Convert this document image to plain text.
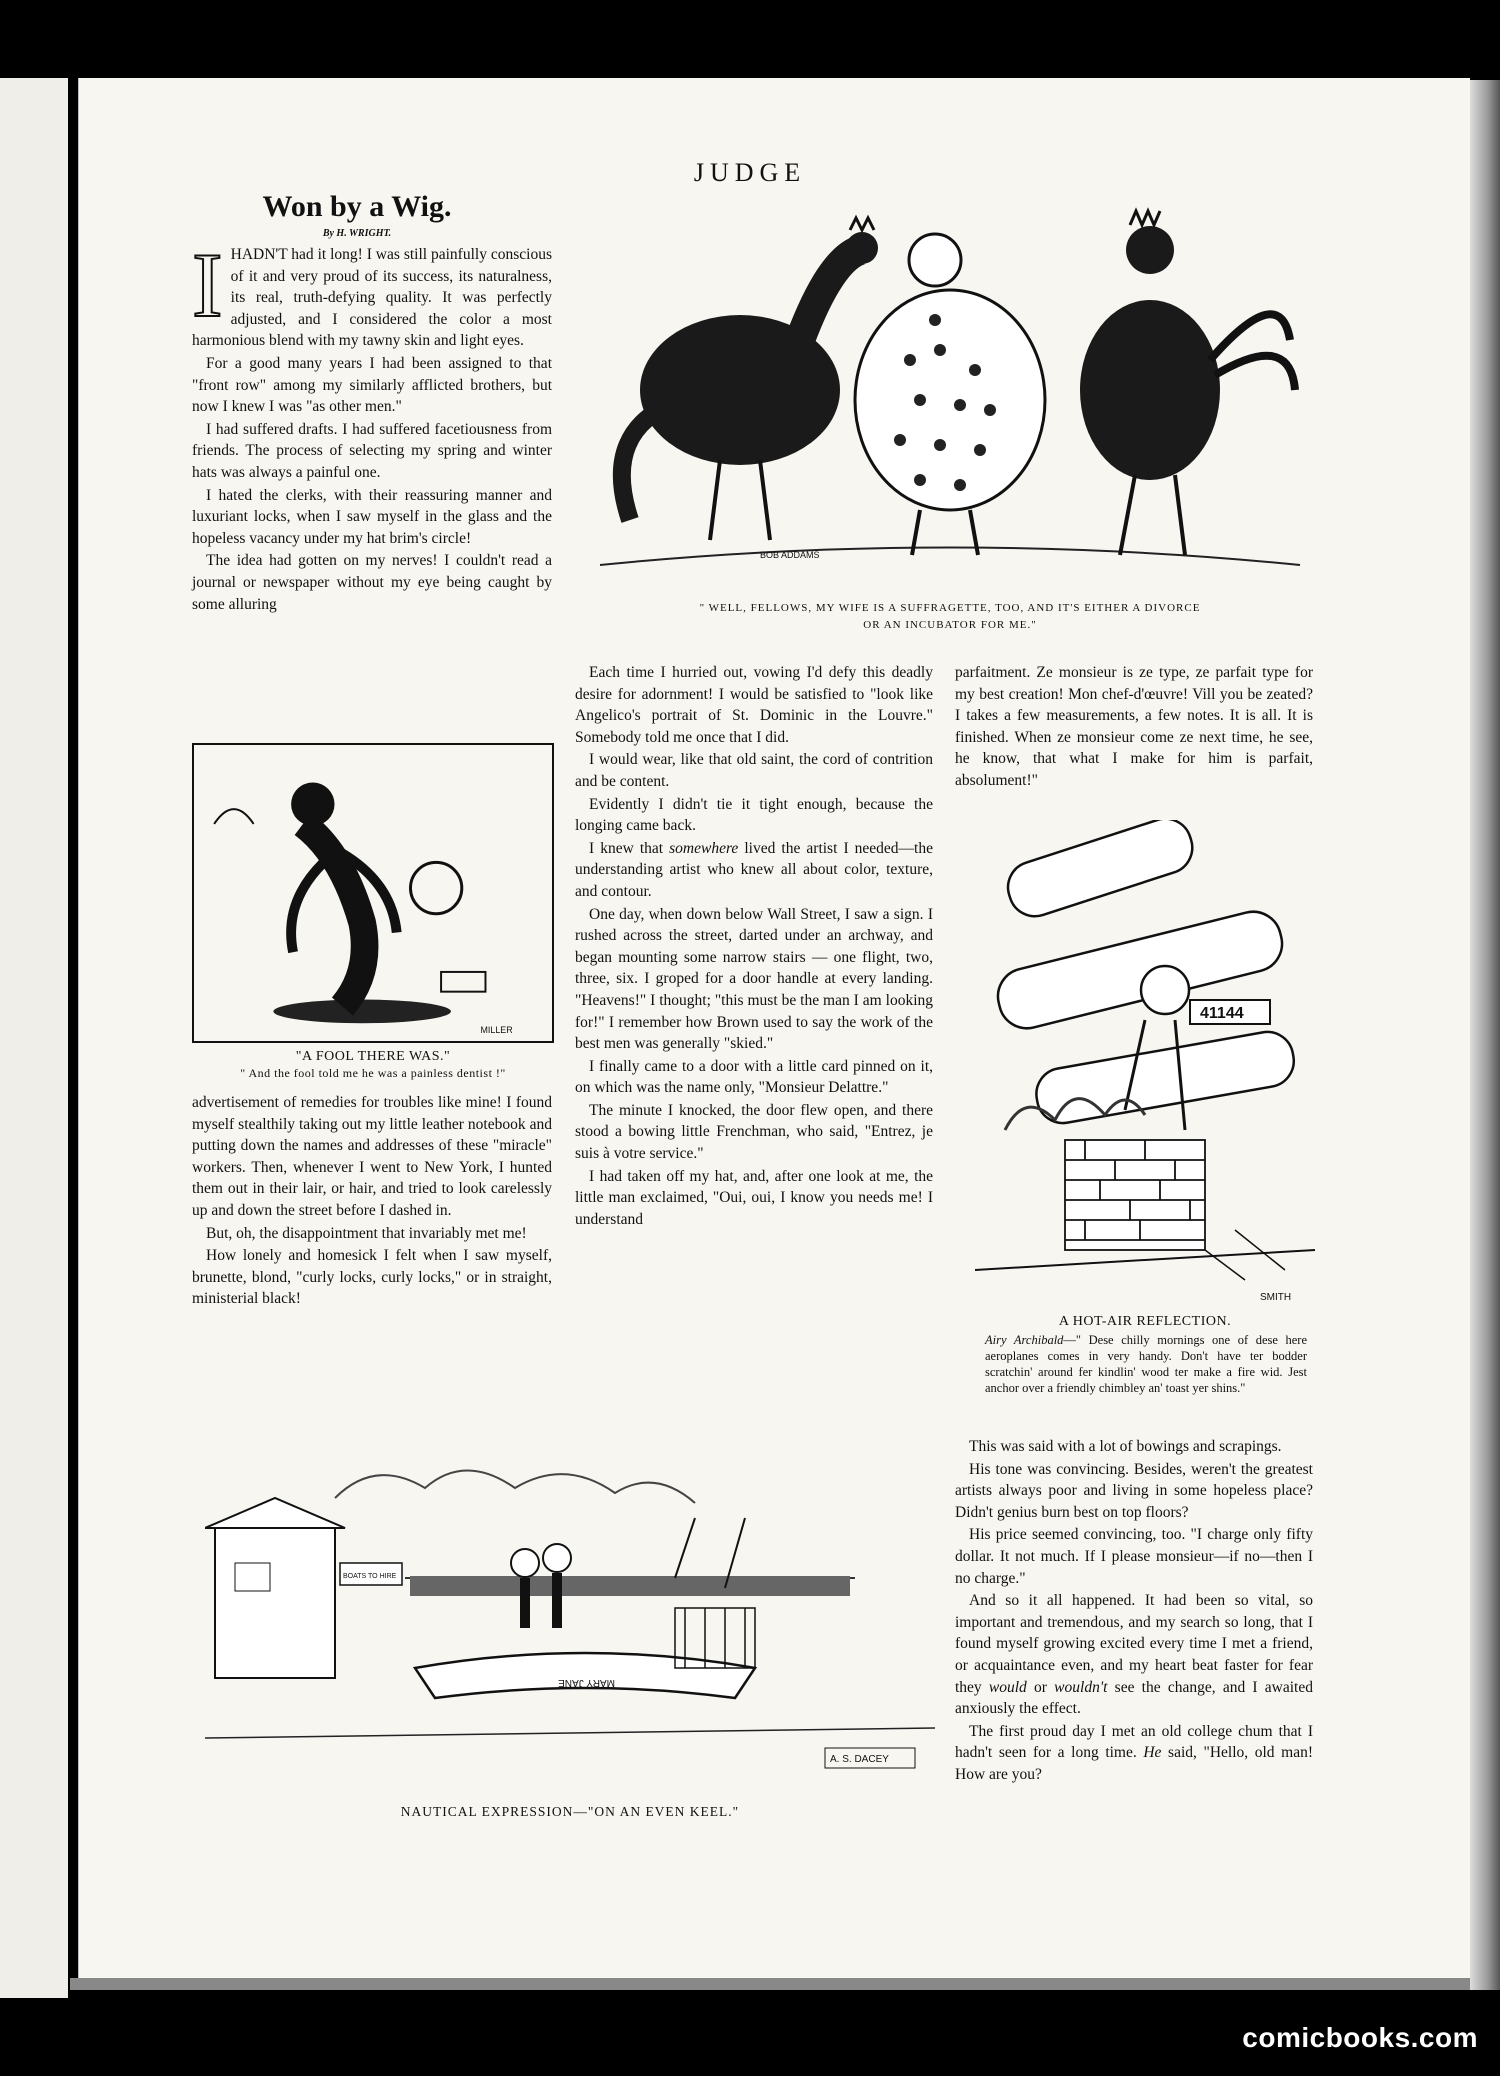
JUDGE
Won by a Wig.
By H. WRIGHT.

IHADN'T had it long! I was still painfully conscious of it and very proud of its success, its naturalness, its real, truth-defying quality. It was perfectly adjusted, and I considered the color a most harmonious blend with my tawny skin and light eyes.

For a good many years I had been assigned to that "front row" among my similarly afflicted brothers, but now I knew I was "as other men."

I had suffered drafts. I had suffered facetiousness from friends. The process of selecting my spring and winter hats was always a painful one.

I hated the clerks, with their reassuring manner and luxuriant locks, when I saw myself in the glass and the hopeless vacancy under my hat brim's circle!

The idea had gotten on my nerves! I couldn't read a journal or newspaper without my eye being caught by some alluring

BOB ADDAMS
" WELL, FELLOWS, MY WIFE IS A SUFFRAGETTE, TOO, AND IT'S EITHER A DIVORCE
OR AN INCUBATOR FOR ME."
MILLER
"A FOOL THERE WAS."
" And the fool told me he was a painless dentist !"

advertisement of remedies for troubles like mine! I found myself stealthily taking out my little leather notebook and putting down the names and addresses of these "miracle" workers. Then, whenever I went to New York, I hunted them out in their lair, or hair, and tried to look carelessly up and down the street before I dashed in.

But, oh, the disappointment that invariably met me!

How lonely and homesick I felt when I saw myself, brunette, blond, "curly locks, curly locks," or in straight, ministerial black!

Each time I hurried out, vowing I'd defy this deadly desire for adornment! I would be satisfied to "look like Angelico's portrait of St. Dominic in the Louvre." Somebody told me once that I did.

I would wear, like that old saint, the cord of contrition and be content.

Evidently I didn't tie it tight enough, because the longing came back.

I knew that somewhere lived the artist I needed—the understanding artist who knew all about color, texture, and contour.

One day, when down below Wall Street, I saw a sign. I rushed across the street, darted under an archway, and began mounting some narrow stairs — one flight, two, three, six. I groped for a door handle at every landing. "Heavens!" I thought; "this must be the man I am looking for!" I remember how Brown used to say the work of the best men was generally "skied."

I finally came to a door with a little card pinned on it, on which was the name only, "Monsieur Delattre."

The minute I knocked, the door flew open, and there stood a bowing little Frenchman, who said, "Entrez, je suis à votre service."

I had taken off my hat, and, after one look at me, the little man exclaimed, "Oui, oui, I know you needs me! I understand

parfaitment. Ze monsieur is ze type, ze parfait type for my best creation! Mon chef-d'œuvre! Vill you be zeated? I takes a few measurements, a few notes. It is all. It is finished. When ze monsieur come ze next time, he see, he know, that what I make for him is parfait, absolument!"

41144
SMITH
A HOT-AIR REFLECTION.
Airy Archibald—" Dese chilly mornings one of dese here aeroplanes comes in very handy. Don't have ter bodder scratchin' around fer kindlin' wood ter make a fire wid. Jest anchor over a friendly chimbley an' toast yer shins."

This was said with a lot of bowings and scrapings.

His tone was convincing. Besides, weren't the greatest artists always poor and living in some hopeless place? Didn't genius burn best on top floors?

His price seemed convincing, too. "I charge only fifty dollar. It not much. If I please monsieur—if no—then I no charge."

And so it all happened. It had been so vital, so important and tremendous, and my search so long, that I found myself growing excited every time I met a friend, or acquaintance even, and my heart beat faster for fear they would or wouldn't see the change, and I awaited anxiously the effect.

The first proud day I met an old college chum that I hadn't seen for a long time. He said, "Hello, old man! How are you?

BOATS TO HIRE
MARY JANE
A. S. DACEY
NAUTICAL EXPRESSION—"ON AN EVEN KEEL."
comicbooks.com
